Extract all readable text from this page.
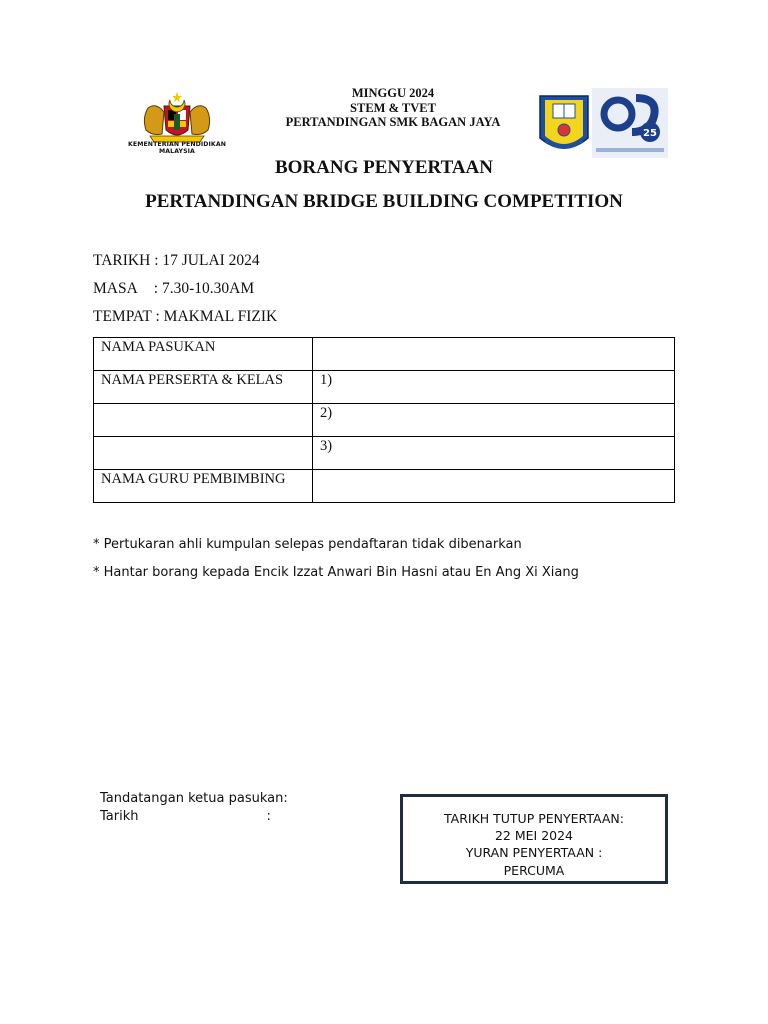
KEMENTERIAN PENDIDIKAN MALAYSIA
MINGGU 2024
STEM & TVET
PERTANDINGAN SMK BAGAN JAYA
25
BORANG PENYERTAAN
PERTANDINGAN BRIDGE BUILDING COMPETITION
TARIKH : 17 JULAI 2024
MASA : 7.30-10.30AM
TEMPAT : MAKMAL FIZIK
NAMA PASUKAN	
NAMA PERSERTA & KELAS	1)
	2)
	3)
NAMA GURU PEMBIMBING	
* Pertukaran ahli kumpulan selepas pendaftaran tidak dibenarkan
* Hantar borang kepada Encik Izzat Anwari Bin Hasni atau En Ang Xi Xiang
Tandatangan ketua pasukan:
Tarikh	:	TARIKH TUTUP PENYERTAAN:
22 MEI 2024
YURAN PENYERTAAN :
PERCUMA
